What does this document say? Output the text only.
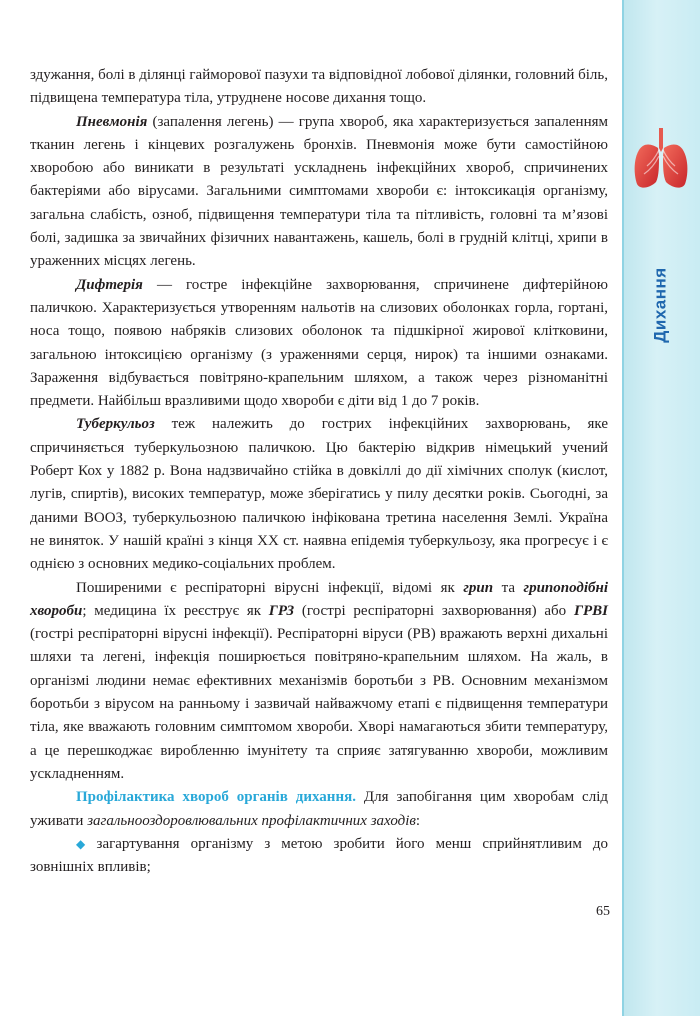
Дихання

здужання, болі в ділянці гайморової пазухи та відповідної лобової ділянки, головний біль, підвищена температура тіла, утруднене носове дихання тощо.

Пневмонія (запалення легень) — група хвороб, яка характеризується запаленням тканин легень і кінцевих розгалужень бронхів. Пневмонія може бути самостійною хворобою або виникати в результаті ускладнень інфекційних хвороб, спричинених бактеріями або вірусами. Загальними симптомами хвороби є: інтоксикація організму, загальна слабість, озноб, підвищення температури тіла та пітливість, головні та м’язові болі, задишка за звичайних фізичних навантажень, кашель, болі в грудній клітці, хрипи в ураженних місцях легень.

Дифтерія — гостре інфекційне захворювання, спричинене дифтерійною паличкою. Характеризується утворенням нальотів на слизових оболонках горла, гортані, носа тощо, появою набряків слизових оболонок та підшкірної жирової клітковини, загальною інтоксицією організму (з ураженнями серця, нирок) та іншими ознаками. Зараження відбувається повітряно-крапельним шляхом, а також через різноманітні предмети. Найбільш вразливими щодо хвороби є діти від 1 до 7 років.

Туберкульоз теж належить до гострих інфекційних захворювань, яке спричиняється туберкульозною паличкою. Цю бактерію відкрив німецький учений Роберт Кох у 1882 р. Вона надзвичайно стійка в довкіллі до дії хімічних сполук (кислот, лугів, спиртів), високих температур, може зберігатись у пилу десятки років. Сьогодні, за даними ВООЗ, туберкульозною паличкою інфікована третина населення Землі. Україна не виняток. У нашій країні з кінця XX ст. наявна епідемія туберкульозу, яка прогресує і є однією з основних медико-соціальних проблем.

Поширеними є респіраторні вірусні інфекції, відомі як грип та грипоподібні хвороби; медицина їх реєструє як ГРЗ (гострі респіраторні захворювання) або ГРВІ (гострі респіраторні вірусні інфекції). Респіраторні віруси (РВ) вражають верхні дихальні шляхи та легені, інфекція поширюється повітряно-крапельним шляхом. На жаль, в організмі людини немає ефективних механізмів боротьби з РВ. Основним механізмом боротьби з вірусом на ранньому і зазвичай найважчому етапі є підвищення температури тіла, яке вважають головним симптомом хвороби. Хворі намагаються збити температуру, а це перешкоджає виробленню імунітету та сприяє затягуванню хвороби, можливим ускладненням.

Профілактика хвороб органів дихання. Для запобігання цим хворобам слід уживати загальнооздоровлювальних профілактичних заходів:

◆ загартування організму з метою зробити його менш сприйнятливим до зовнішніх впливів;

65
